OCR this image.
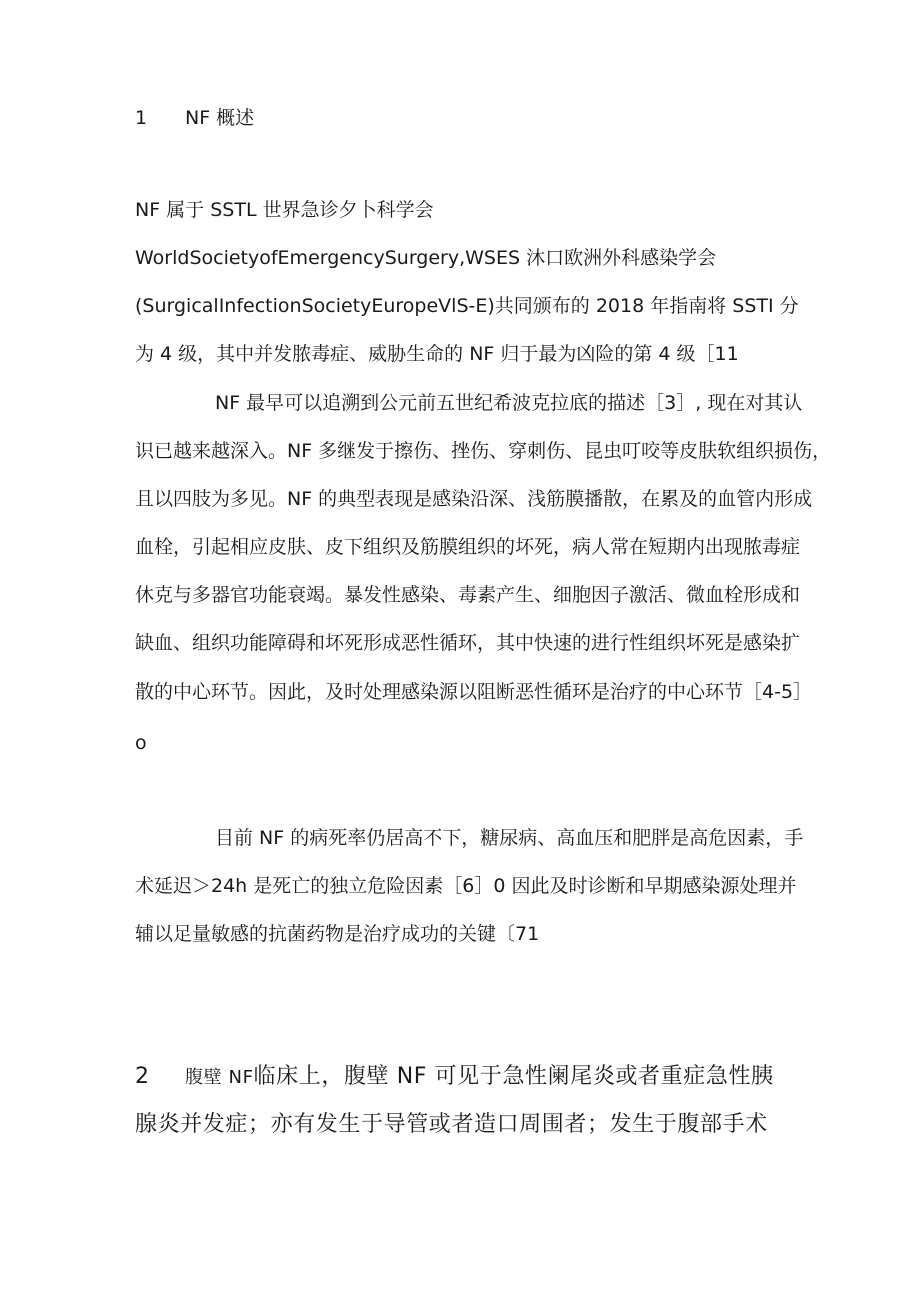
1 NF 概述

NF 属于 SSTL 世界急诊夕卜科学会

WorldSocietyofEmergencySurgery,WSES 沐口欧洲外科感染学会

(SurgicalInfectionSocietyEuropeVlS-E)共同颁布的 2018 年指南将 SSTI 分

为 4 级，其中并发脓毒症、威胁生命的 NF 归于最为凶险的第 4 级［11

NF 最早可以追溯到公元前五世纪希波克拉底的描述［3］, 现在对其认

识已越来越深入。NF 多继发于擦伤、挫伤、穿刺伤、昆虫叮咬等皮肤软组织损伤，

且以四肢为多见。NF 的典型表现是感染沿深、浅筋膜播散，在累及的血管内形成

血栓，引起相应皮肤、皮下组织及筋膜组织的坏死，病人常在短期内出现脓毒症

休克与多器官功能衰竭。暴发性感染、毒素产生、细胞因子激活、微血栓形成和

缺血、组织功能障碍和坏死形成恶性循环，其中快速的进行性组织坏死是感染扩

散的中心环节。因此，及时处理感染源以阻断恶性循环是治疗的中心环节［4-5］

o

目前 NF 的病死率仍居高不下，糖尿病、高血压和肥胖是高危因素，手

术延迟＞24h 是死亡的独立危险因素［6］0 因此及时诊断和早期感染源处理并

辅以足量敏感的抗菌药物是治疗成功的关键〔71

2 腹壁 NF临床上，腹壁 NF 可见于急性阑尾炎或者重症急性胰

腺炎并发症；亦有发生于导管或者造口周围者；发生于腹部手术
